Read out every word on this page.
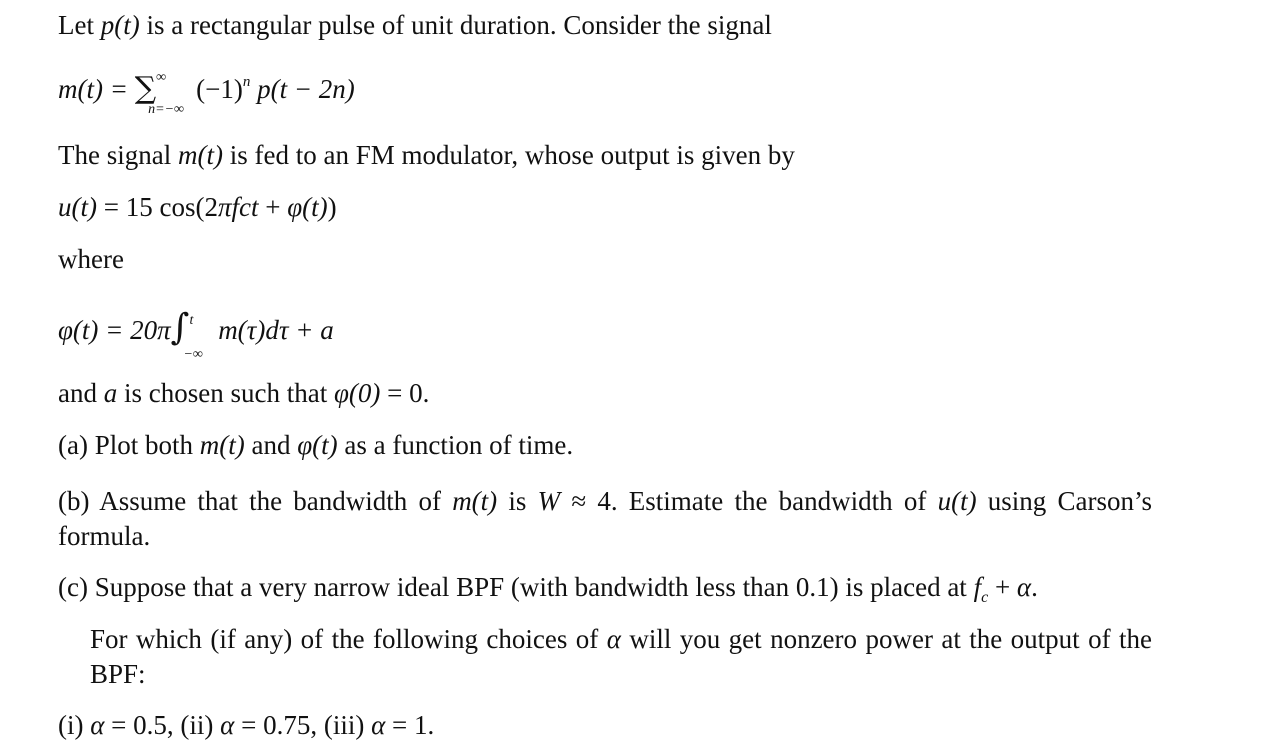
Let p(t) is a rectangular pulse of unit duration. Consider the signal
m(t) = ∑ ∞
n=−∞
$(-1)^n$ p(t − 2n)
The signal m(t) is fed to an FM modulator, whose output is given by
u(t) = 15 cos(2πfct + φ(t))
where
φ(t) = 20π∫ t
−∞
m(τ)dτ + a
and a is chosen such that φ(0) = 0.
(a) Plot both m(t) and φ(t) as a function of time.
(b) Assume that the bandwidth of m(t) is W ≈ 4. Estimate the bandwidth of u(t) using Carson’s formula.
(c) Suppose that a very narrow ideal BPF (with bandwidth less than 0.1) is placed at $f_c + \alpha$.
For which (if any) of the following choices of α will you get nonzero power at the output of the BPF:
(i) α = 0.5, (ii) α = 0.75, (iii) α = 1.
